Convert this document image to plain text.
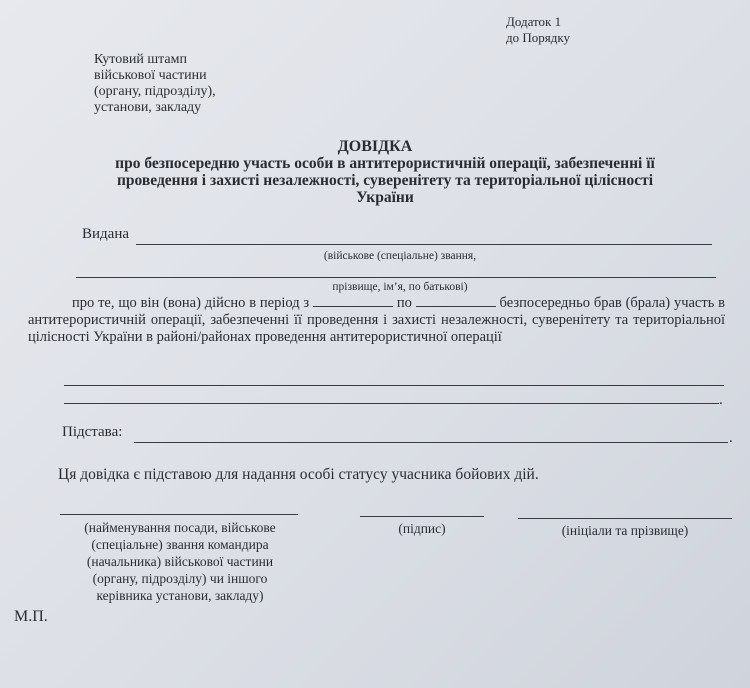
Додаток 1
до Порядку
Кутовий штамп
військової частини
(органу, підрозділу),
установи, закладу
ДОВІДКА
про безпосередню участь особи в антитерористичній операції, забезпеченні її
проведення і захисті незалежності, суверенітету та територіальної цілісності
України
Видана
(військове (спеціальне) звання,
прізвище, ім’я, по батькові)
про те, що він (вона) дійсно в період з	по	безпосередньо брав (брала) участь в антитерористичній операції, забезпеченні її проведення і захисті незалежності, суверенітету та територіальної цілісності України в районі/районах проведення антитерористичної операції
.
Підстава:	.
Ця довідка є підставою для надання особі статусу учасника бойових дій.
(найменування посади, військове
(спеціальне) звання командира
(начальника) військової частини
(органу, підрозділу) чи іншого
керівника установи, закладу)
(підпис)	(ініціали та прізвище)
М.П.
